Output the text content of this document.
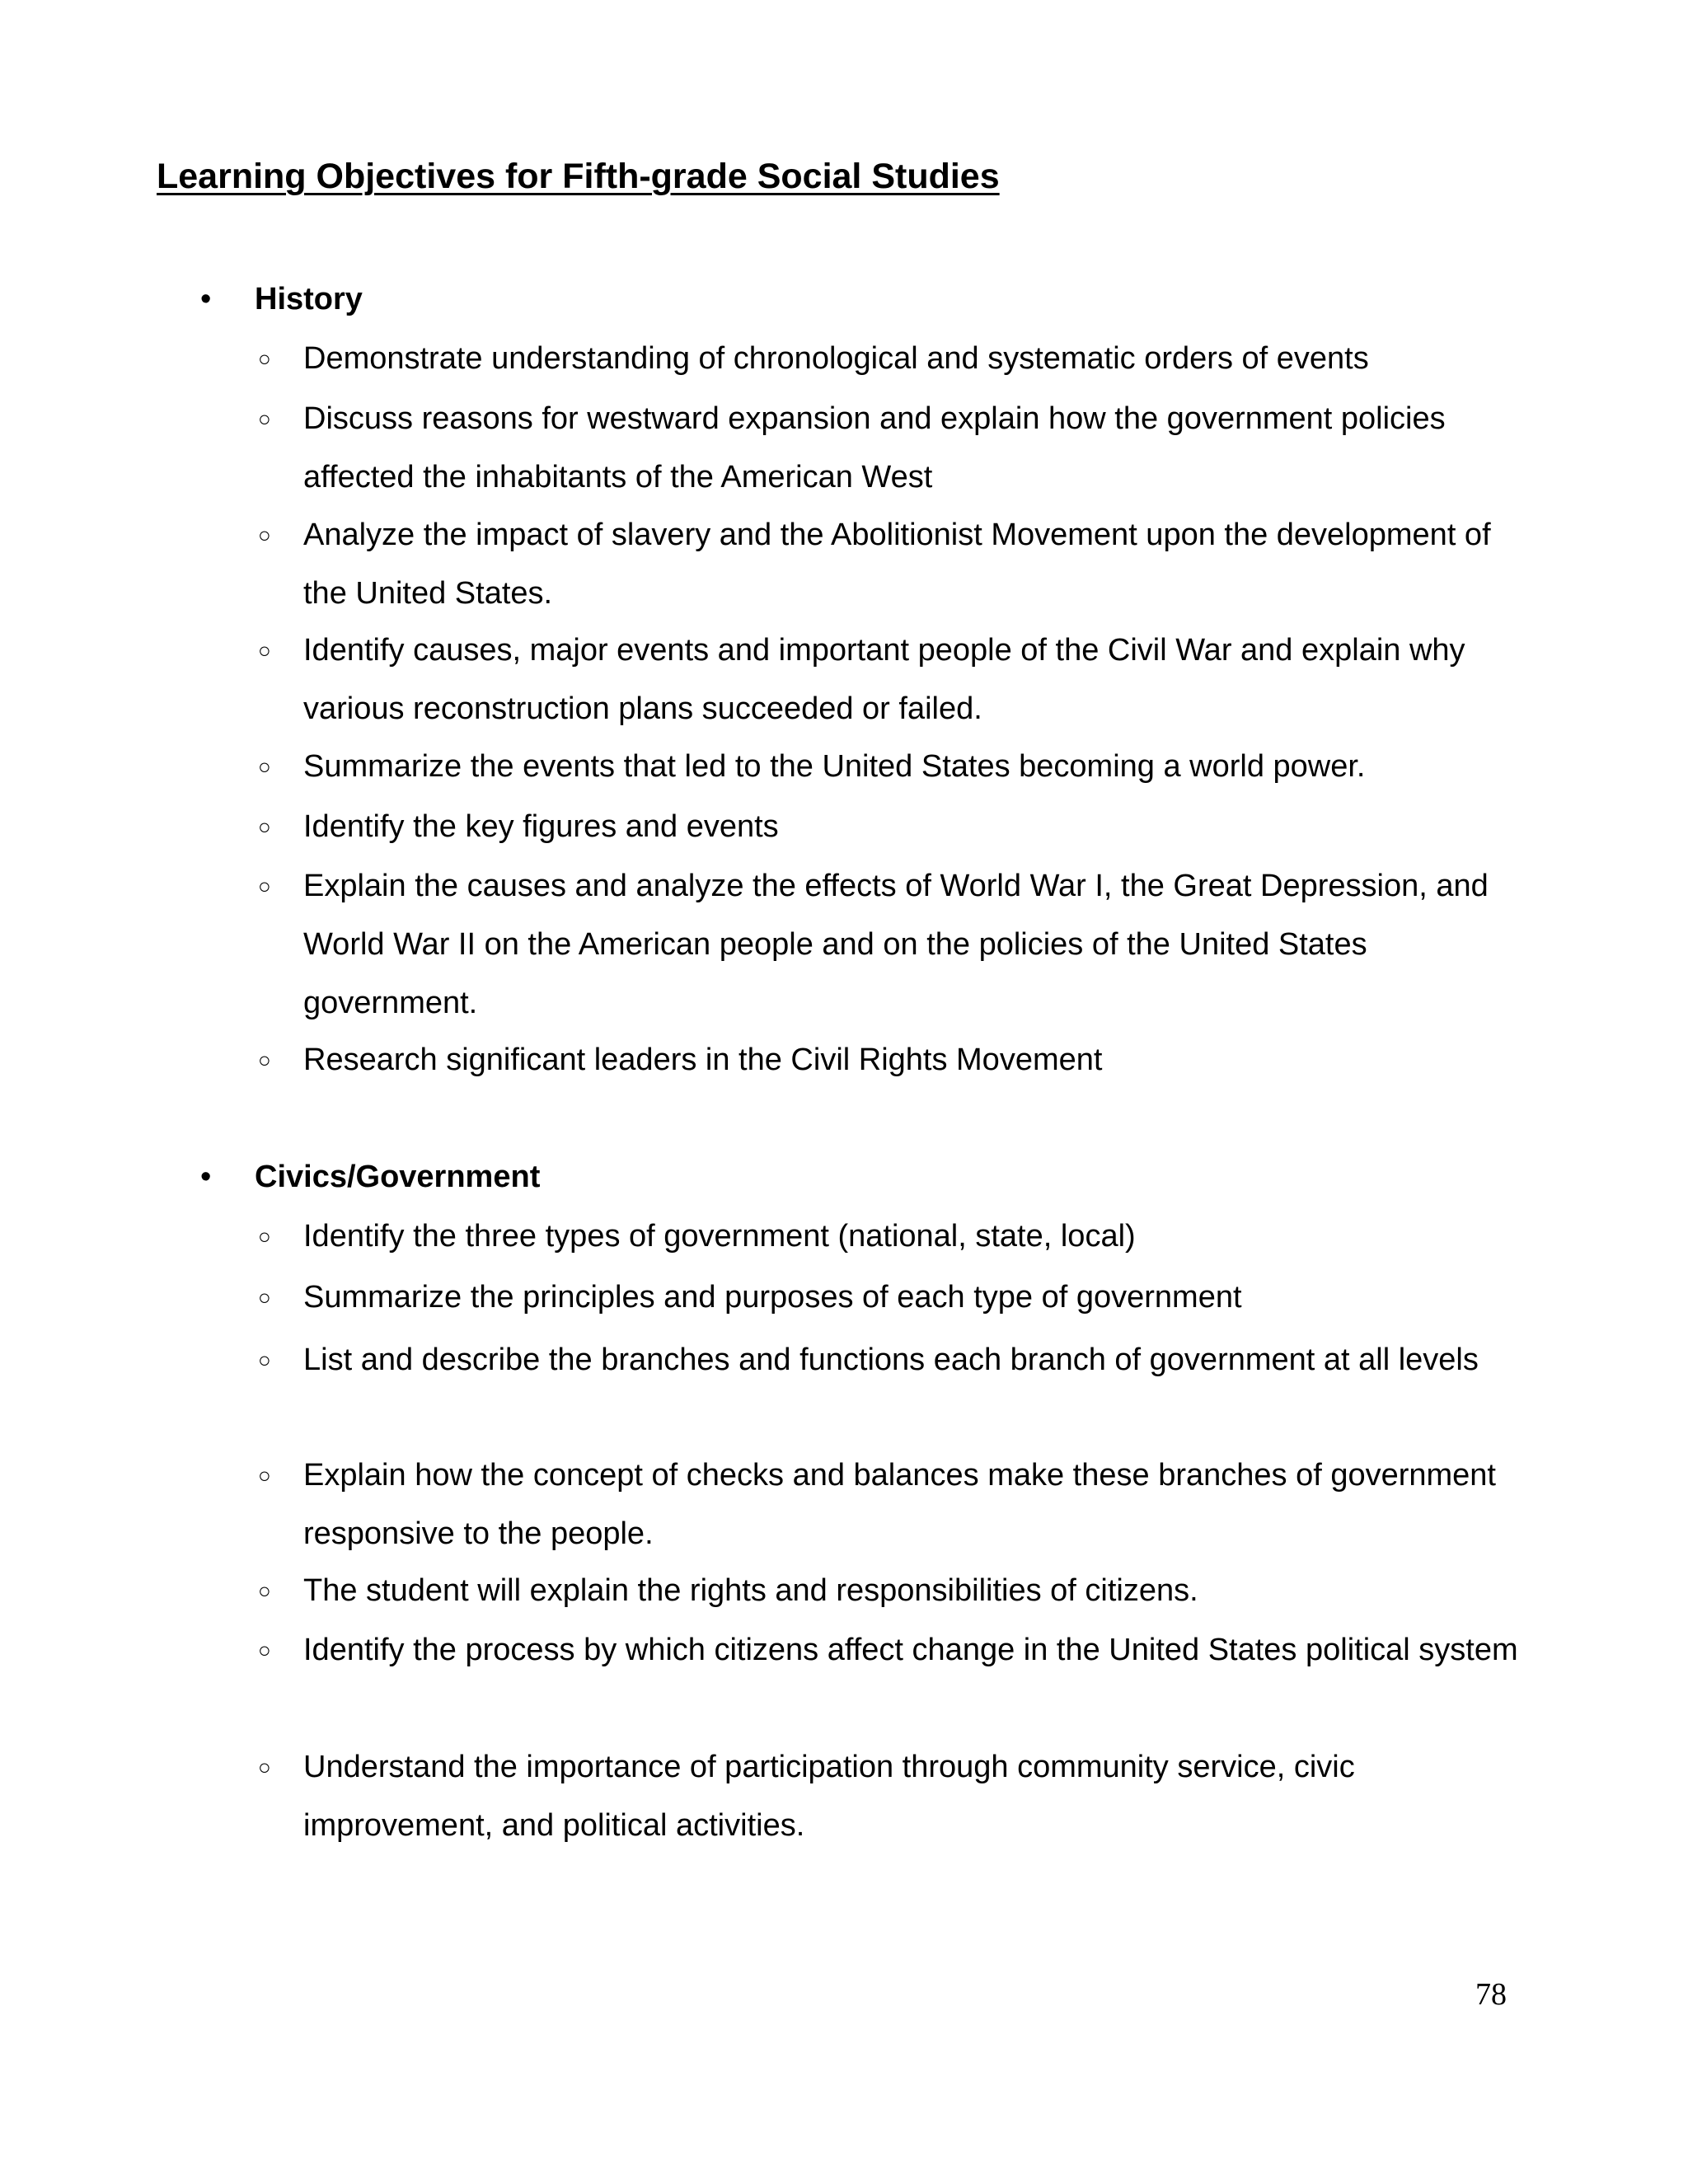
Learning Objectives for Fifth-grade Social Studies
• History
○ Demonstrate understanding of chronological and systematic orders of events
○ Discuss reasons for westward expansion and explain how the government policies affected the inhabitants of the American West
○ Analyze the impact of slavery and the Abolitionist Movement upon the development of the United States.
○ Identify causes, major events and important people of the Civil War and explain why various reconstruction plans succeeded or failed.
○ Summarize the events that led to the United States becoming a world power.
○ Identify the key figures and events
○ Explain the causes and analyze the effects of World War I, the Great Depression, and World War II on the American people and on the policies of the United States government.
○ Research significant leaders in the Civil Rights Movement
• Civics/Government
○ Identify the three types of government (national, state, local)
○ Summarize the principles and purposes of each type of government
○ List and describe the branches and functions each branch of government at all levels
○ Explain how the concept of checks and balances make these branches of government responsive to the people.
○ The student will explain the rights and responsibilities of citizens.
○ Identify the process by which citizens affect change in the United States political system
○ Understand the importance of participation through community service, civic improvement, and political activities.
78
